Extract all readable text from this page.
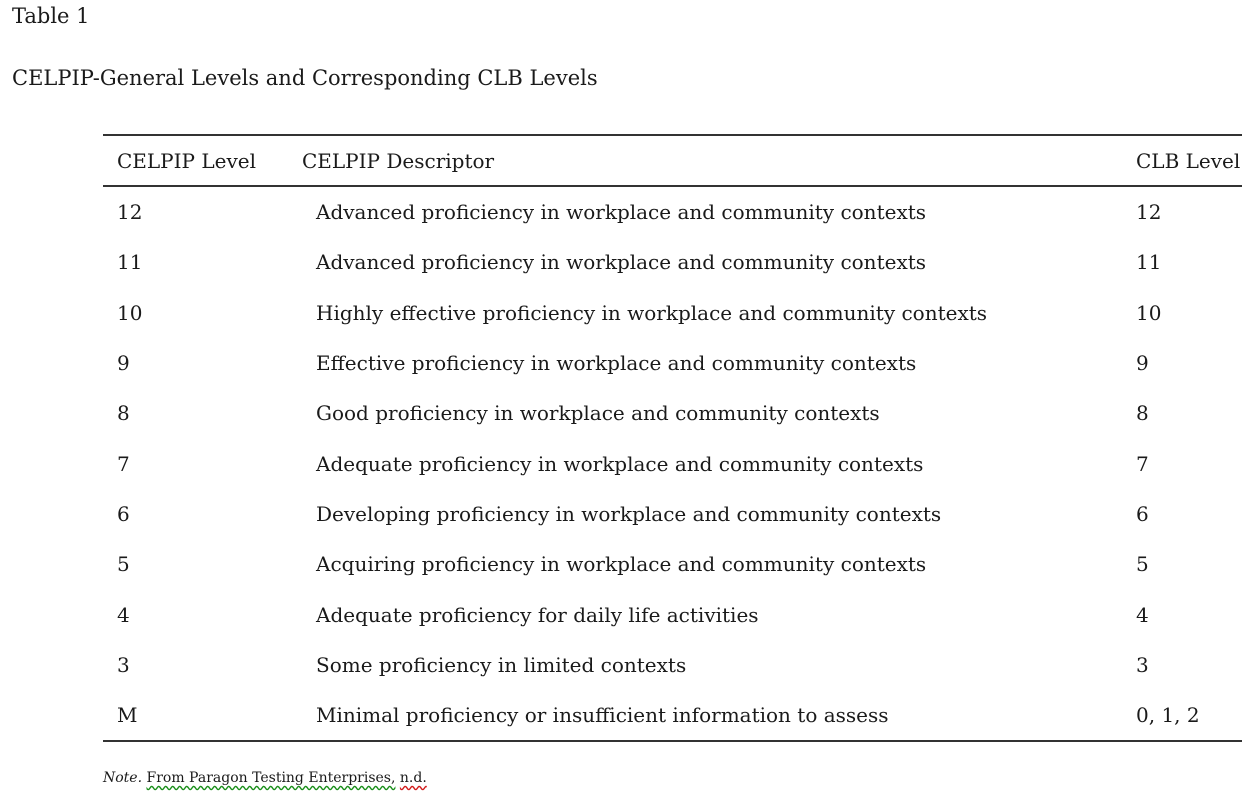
Table 1
CELPIP-General Levels and Corresponding CLB Levels
CELPIP Level	CELPIP Descriptor	CLB Level
12	Advanced proficiency in workplace and community contexts	12
11	Advanced proficiency in workplace and community contexts	11
10	Highly effective proficiency in workplace and community contexts	10
9	Effective proficiency in workplace and community contexts	9
8	Good proficiency in workplace and community contexts	8
7	Adequate proficiency in workplace and community contexts	7
6	Developing proficiency in workplace and community contexts	6
5	Acquiring proficiency in workplace and community contexts	5
4	Adequate proficiency for daily life activities	4
3	Some proficiency in limited contexts	3
M	Minimal proficiency or insufficient information to assess	0, 1, 2
Note. From Paragon Testing Enterprises, n.d.
